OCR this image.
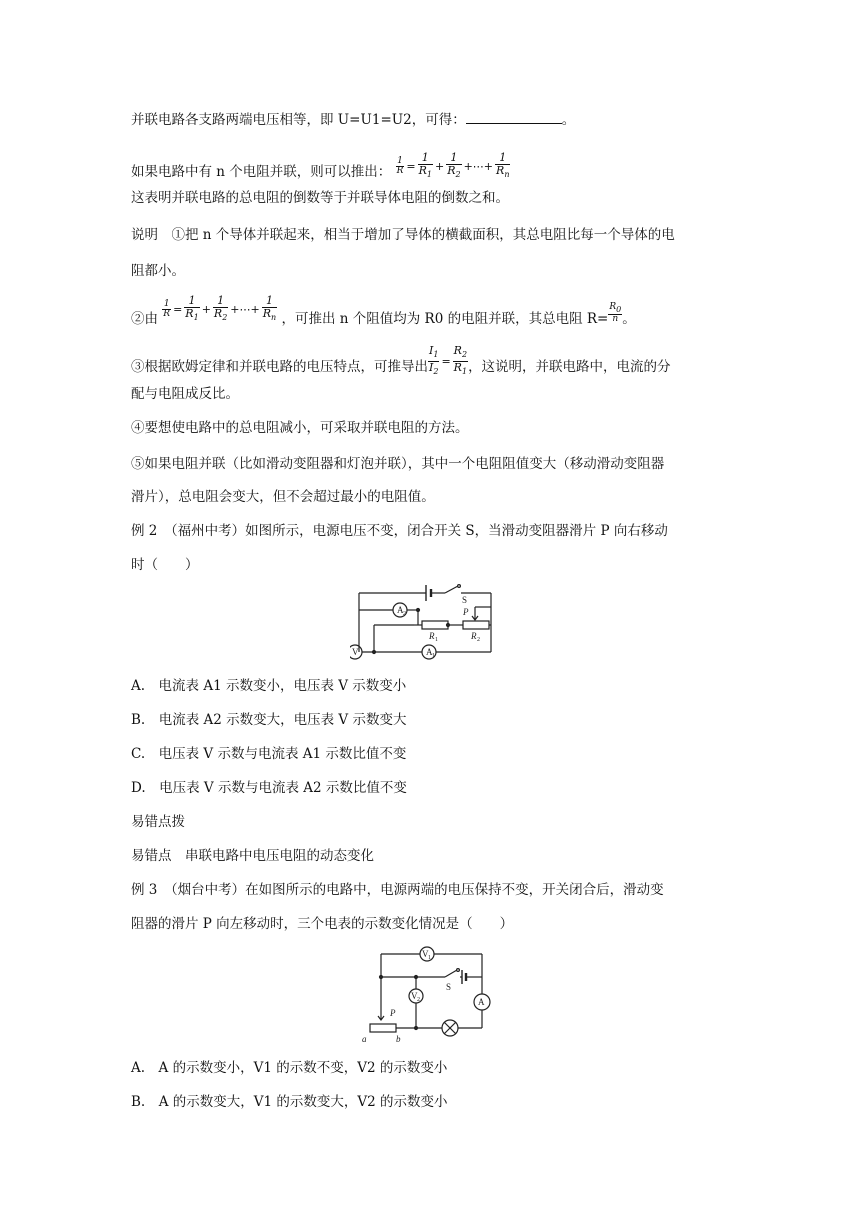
并联电路各支路两端电压相等，即 U=U1=U2，可得：	。
如果电路中有 n 个电阻并联，则可以推出： $\frac{1}{R} = \frac{1}{R_1} + \frac{1}{R_2}$ +⋯+ $\frac{1}{R_n}$
这表明并联电路的总电阻的倒数等于并联导体电阻的倒数之和。
说明　①把 n 个导体并联起来，相当于增加了导体的横截面积，其总电阻比每一个导体的电
阻都小。
②由 $\frac{1}{R} = \frac{1}{R_1} + \frac{1}{R_2}$ +⋯+ $\frac{1}{R_n}$ ，可推出 n 个阻值均为 R0 的电阻并联，其总电阻 $R= \frac{R0}{n}$ 。
③根据欧姆定律和并联电路的电压特点，可推导出 $\frac{I_1}{I_2} = \frac{R_2}{R_1}$ ，这说明，并联电路中，电流的分
配与电阻成反比。
④要想使电路中的总电阻减小，可采取并联电阻的方法。
⑤如果电阻并联（比如滑动变阻器和灯泡并联），其中一个电阻阻值变大（移动滑动变阻器
滑片），总电阻会变大，但不会超过最小的电阻值。
例 2　（福州中考）如图所示，电源电压不变，闭合开关 S，当滑动变阻器滑片 P 向右移动
时（　　）
A 2
A 1
V
S
P
R 1	R 2
A.　电流表 A1 示数变小，电压表 V 示数变小
B.　电流表 A2 示数变大，电压表 V 示数变大
C.　电压表 V 示数与电流表 A1 示数比值不变
D.　电压表 V 示数与电流表 A2 示数比值不变
易错点拨
易错点　串联电路中电压电阻的动态变化
例 3　（烟台中考）在如图所示的电路中，电源两端的电压保持不变，开关闭合后，滑动变
阻器的滑片 P 向左移动时，三个电表的示数变化情况是（　　）
V 1
V 2
S
A
P
a	b
A.　A 的示数变小，V1 的示数不变，V2 的示数变小
B.　A 的示数变大，V1 的示数变大，V2 的示数变小
